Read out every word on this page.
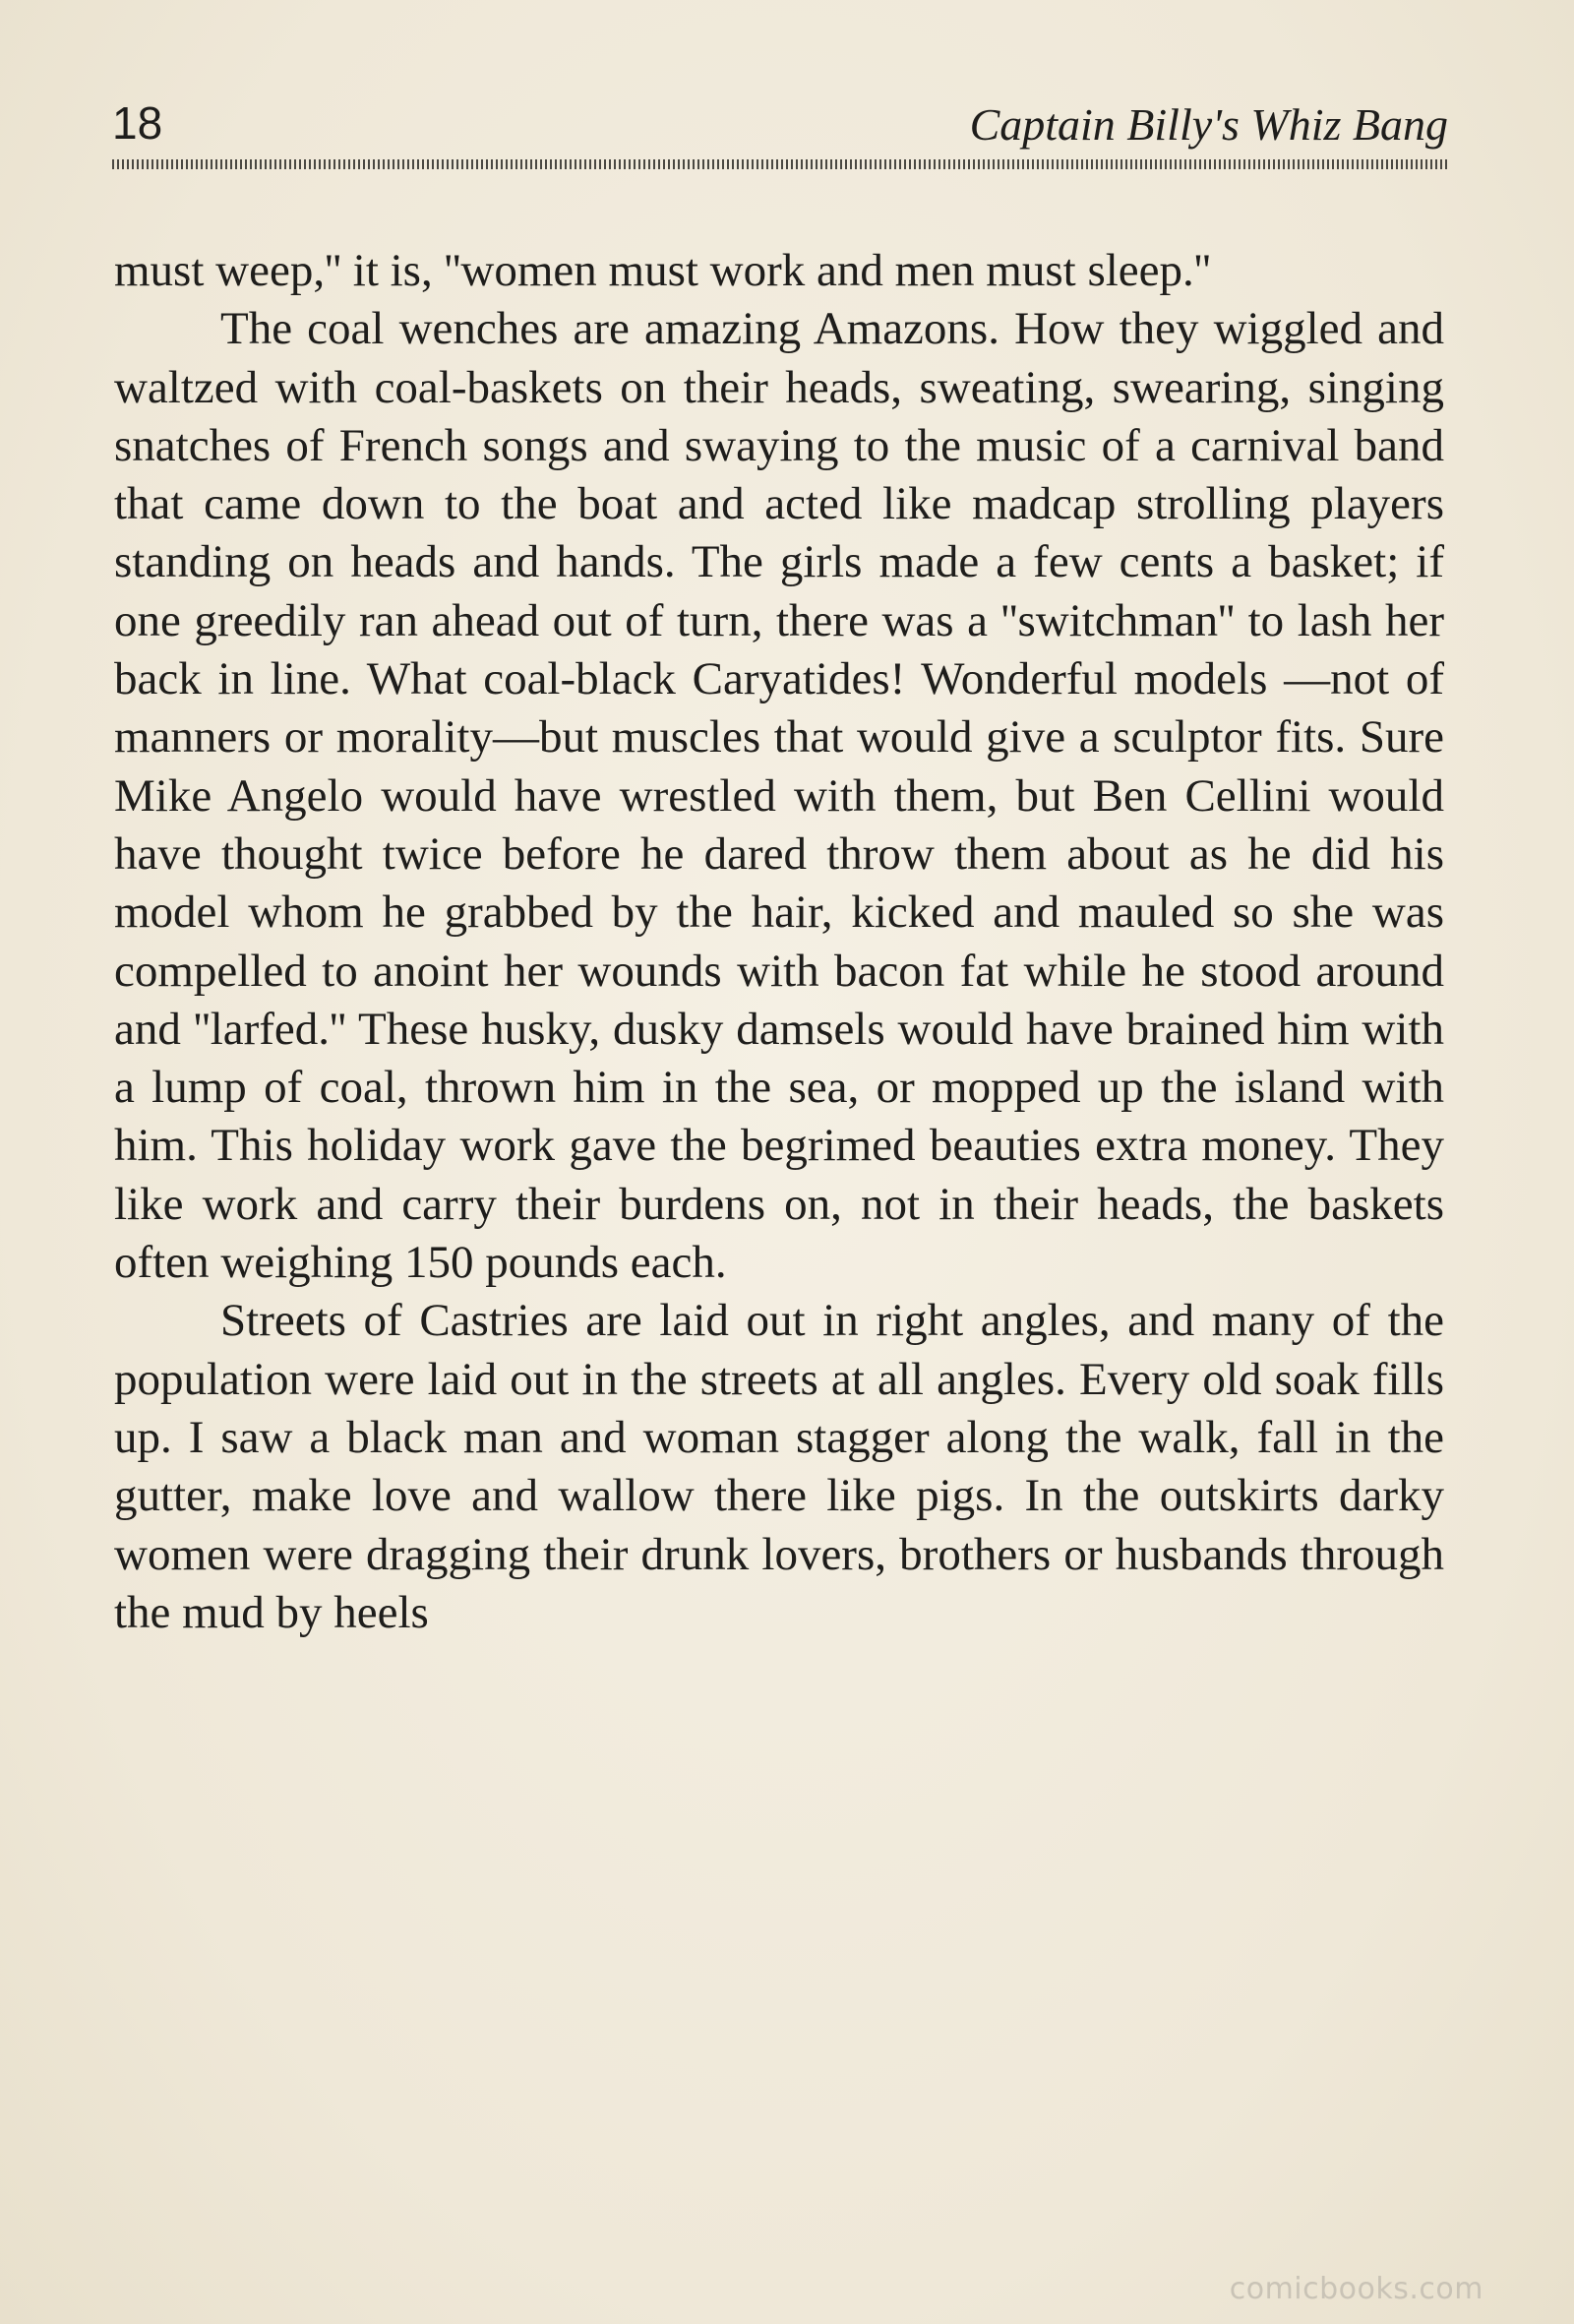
18	Captain Billy's Whiz Bang

must weep,'' it is, ''women must work and men must sleep.''

The coal wenches are amazing Amazons. How they wiggled and waltzed with coal-baskets on their heads, sweating, swearing, singing snatches of French songs and swaying to the music of a carnival band that came down to the boat and acted like madcap strolling players standing on heads and hands. The girls made a few cents a basket; if one greedily ran ahead out of turn, there was a ''switchman'' to lash her back in line. What coal-black Caryatides! Wonderful models —not of manners or morality—but muscles that would give a sculptor fits. Sure Mike Angelo would have wrestled with them, but Ben Cellini would have thought twice before he dared throw them about as he did his model whom he grabbed by the hair, kicked and mauled so she was compelled to anoint her wounds with bacon fat while he stood around and ''larfed.'' These husky, dusky damsels would have brained him with a lump of coal, thrown him in the sea, or mopped up the island with him. This holiday work gave the begrimed beauties extra money. They like work and carry their burdens on, not in their heads, the baskets often weighing 150 pounds each.

Streets of Castries are laid out in right angles, and many of the population were laid out in the streets at all angles. Every old soak fills up. I saw a black man and woman stagger along the walk, fall in the gutter, make love and wallow there like pigs. In the outskirts darky women were dragging their drunk lovers, brothers or husbands through the mud by heels

comicbooks.com
